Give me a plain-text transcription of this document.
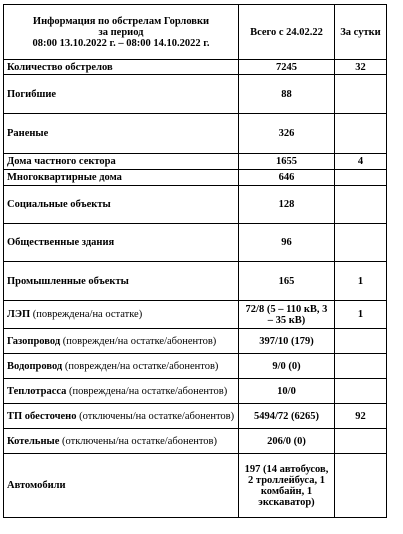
Информация по обстрелам Горловки
за период
08:00 13.10.2022 г. – 08:00 14.10.2022 г.	Всего с 24.02.22	За сутки
Количество обстрелов	7245	32
Погибшие	88	
Раненые	326	
Дома частного сектора	1655	4
Многоквартирные дома	646	
Социальные объекты	128	
Общественные здания	96	
Промышленные объекты	165	1
ЛЭП (повреждена/на остатке)	72/8 (5 – 110 кВ, 3 – 35 кВ)	1
Газопровод (поврежден/на остатке/абонентов)	397/10 (179)	
Водопровод (поврежден/на остатке/абонентов)	9/0 (0)	
Теплотрасса (повреждена/на остатке/абонентов)	10/0	
ТП обесточено (отключены/на остатке/абонентов)	5494/72 (6265)	92
Котельные (отключены/на остатке/абонентов)	206/0 (0)	
Автомобили	197 (14 автобусов, 2 троллейбуса, 1 комбайн, 1 экскаватор)	
